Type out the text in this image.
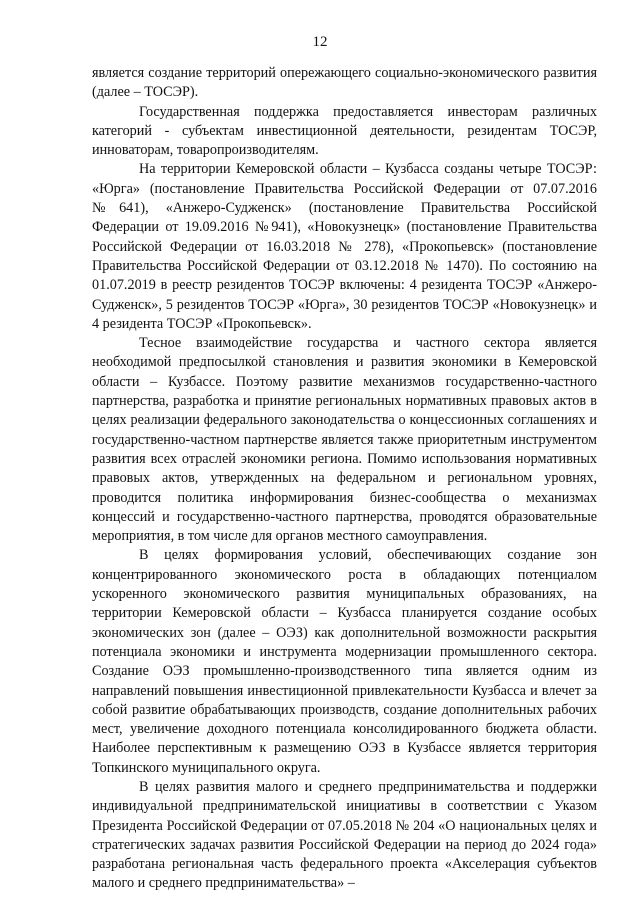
12

является создание территорий опережающего социально-экономического развития (далее – ТОСЭР).

Государственная поддержка предоставляется инвесторам различных категорий - субъектам инвестиционной деятельности, резидентам ТОСЭР, инноваторам, товаропроизводителям.

На территории Кемеровской области – Кузбасса созданы четыре ТОСЭР: «Юрга» (постановление Правительства Российской Федерации от 07.07.2016 №641), «Анжеро-Судженск» (постановление Правительства Российской Федерации от 19.09.2016 №941), «Новокузнецк» (постановление Правительства Российской Федерации от 16.03.2018 № 278), «Прокопьевск» (постановление Правительства Российской Федерации от 03.12.2018 № 1470). По состоянию на 01.07.2019 в реестр резидентов ТОСЭР включены: 4 резидента ТОСЭР «Анжеро-Судженск», 5 резидентов ТОСЭР «Юрга», 30 резидентов ТОСЭР «Новокузнецк» и 4 резидента ТОСЭР «Прокопьевск».

Тесное взаимодействие государства и частного сектора является необходимой предпосылкой становления и развития экономики в Кемеровской области – Кузбассе. Поэтому развитие механизмов государственно-частного партнерства, разработка и принятие региональных нормативных правовых актов в целях реализации федерального законодательства о концессионных соглашениях и государственно-частном партнерстве является также приоритетным инструментом развития всех отраслей экономики региона. Помимо использования нормативных правовых актов, утвержденных на федеральном и региональном уровнях, проводится политика информирования бизнес-сообщества о механизмах концессий и государственно-частного партнерства, проводятся образовательные мероприятия, в том числе для органов местного самоуправления.

В целях формирования условий, обеспечивающих создание зон концентрированного экономического роста в обладающих потенциалом ускоренного экономического развития муниципальных образованиях, на территории Кемеровской области – Кузбасса планируется создание особых экономических зон (далее – ОЭЗ) как дополнительной возможности раскрытия потенциала экономики и инструмента модернизации промышленного сектора. Создание ОЭЗ промышленно-производственного типа является одним из направлений повышения инвестиционной привлекательности Кузбасса и влечет за собой развитие обрабатывающих производств, создание дополнительных рабочих мест, увеличение доходного потенциала консолидированного бюджета области. Наиболее перспективным к размещению ОЭЗ в Кузбассе является территория Топкинского муниципального округа.

В целях развития малого и среднего предпринимательства и поддержки индивидуальной предпринимательской инициативы в соответствии с Указом Президента Российской Федерации от 07.05.2018 № 204 «О национальных целях и стратегических задачах развития Российской Федерации на период до 2024 года» разработана региональная часть федерального проекта «Акселерация субъектов малого и среднего предпринимательства» –
